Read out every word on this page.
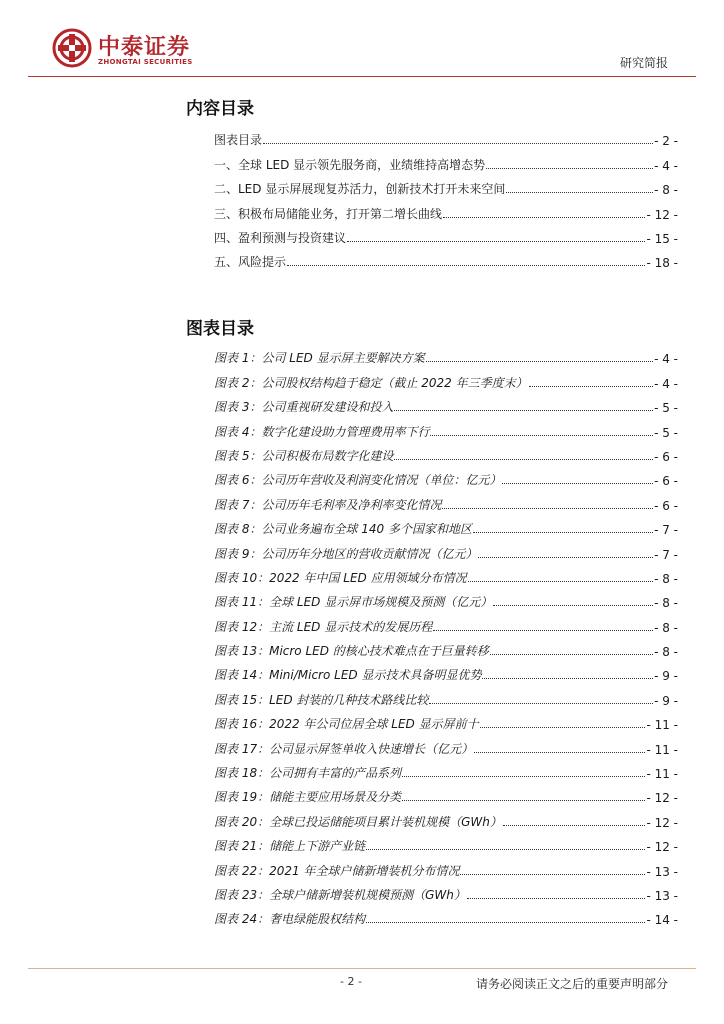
中泰证券
ZHONGTAI SECURITIES	研究简报
内容目录
图表目录	- 2 -
一、全球 LED 显示领先服务商，业绩维持高增态势	- 4 -
二、LED 显示屏展现复苏活力，创新技术打开未来空间	- 8 -
三、积极布局储能业务，打开第二增长曲线	- 12 -
四、盈利预测与投资建议	- 15 -
五、风险提示	- 18 -
图表目录
图表 1：公司 LED 显示屏主要解决方案	- 4 -
图表 2：公司股权结构趋于稳定（截止 2022 年三季度末）	- 4 -
图表 3：公司重视研发建设和投入	- 5 -
图表 4：数字化建设助力管理费用率下行	- 5 -
图表 5：公司积极布局数字化建设	- 6 -
图表 6：公司历年营收及利润变化情况（单位：亿元）	- 6 -
图表 7：公司历年毛利率及净利率变化情况	- 6 -
图表 8：公司业务遍布全球 140 多个国家和地区	- 7 -
图表 9：公司历年分地区的营收贡献情况（亿元）	- 7 -
图表 10：2022 年中国 LED 应用领域分布情况	- 8 -
图表 11：全球 LED 显示屏市场规模及预测（亿元）	- 8 -
图表 12：主流 LED 显示技术的发展历程	- 8 -
图表 13：Micro LED 的核心技术难点在于巨量转移	- 8 -
图表 14：Mini/Micro LED 显示技术具备明显优势	- 9 -
图表 15：LED 封装的几种技术路线比较	- 9 -
图表 16：2022 年公司位居全球 LED 显示屏前十	- 11 -
图表 17：公司显示屏签单收入快速增长（亿元）	- 11 -
图表 18：公司拥有丰富的产品系列	- 11 -
图表 19：储能主要应用场景及分类	- 12 -
图表 20：全球已投运储能项目累计装机规模（GWh）	- 12 -
图表 21：储能上下游产业链	- 12 -
图表 22：2021 年全球户储新增装机分布情况	- 13 -
图表 23：全球户储新增装机规模预测（GWh）	- 13 -
图表 24：奢电绿能股权结构	- 14 -
- 2 -	请务必阅读正文之后的重要声明部分
